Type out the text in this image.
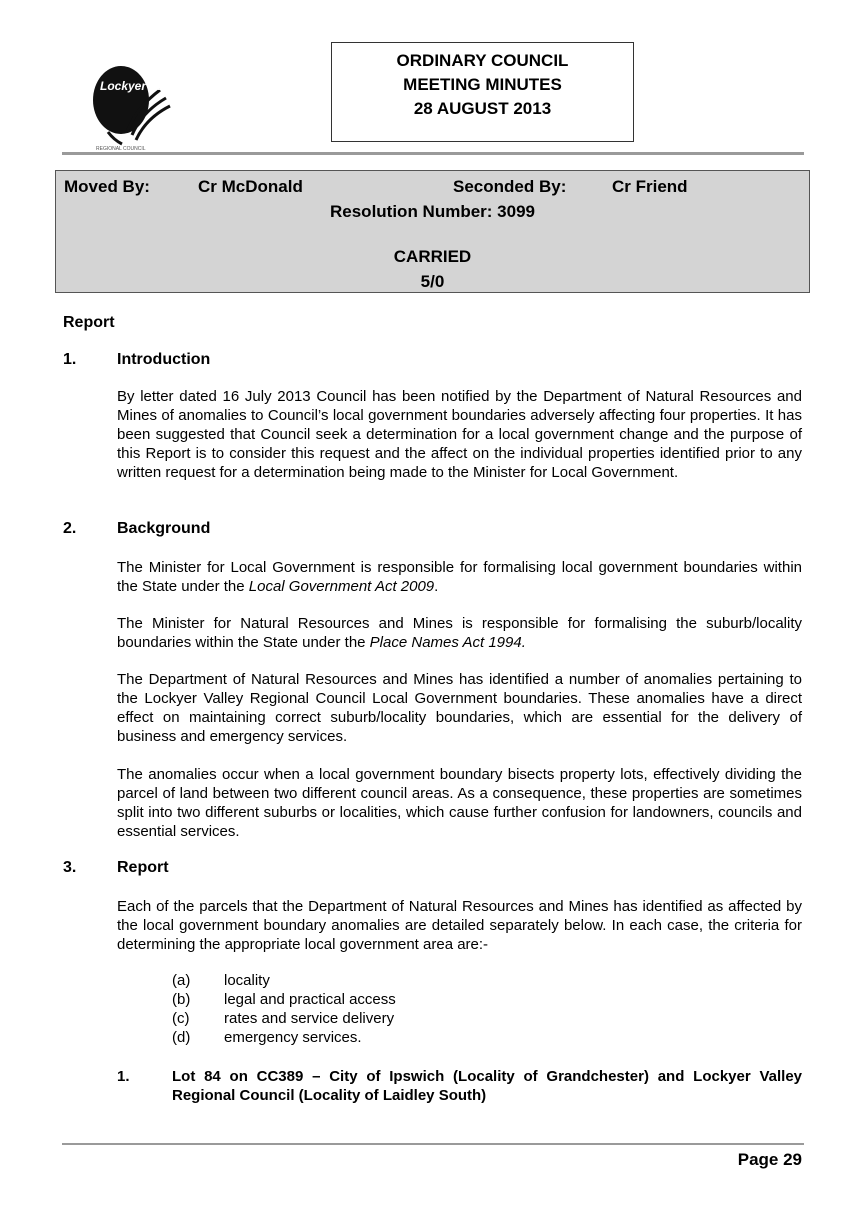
Lockyer Valley
REGIONAL COUNCIL
ORDINARY COUNCIL
MEETING MINUTES
28 AUGUST 2013
Moved By:	Cr McDonald	Seconded By:	Cr Friend
Resolution Number: 3099
CARRIED
5/0
Report
1.	Introduction
By letter dated 16 July 2013 Council has been notified by the Department of Natural Resources and Mines of anomalies to Council’s local government boundaries adversely affecting four properties. It has been suggested that Council seek a determination for a local government change and the purpose of this Report is to consider this request and the affect on the individual properties identified prior to any written request for a determination being made to the Minister for Local Government.
2.	Background
The Minister for Local Government is responsible for formalising local government boundaries within the State under the Local Government Act 2009.
The Minister for Natural Resources and Mines is responsible for formalising the suburb/locality boundaries within the State under the Place Names Act 1994.
The Department of Natural Resources and Mines has identified a number of anomalies pertaining to the Lockyer Valley Regional Council Local Government boundaries. These anomalies have a direct effect on maintaining correct suburb/locality boundaries, which are essential for the delivery of business and emergency services.
The anomalies occur when a local government boundary bisects property lots, effectively dividing the parcel of land between two different council areas. As a consequence, these properties are sometimes split into two different suburbs or localities, which cause further confusion for landowners, councils and essential services.
3.	Report
Each of the parcels that the Department of Natural Resources and Mines has identified as affected by the local government boundary anomalies are detailed separately below. In each case, the criteria for determining the appropriate local government area are:-
(a) locality
(b) legal and practical access
(c) rates and service delivery
(d) emergency services.
1.	Lot 84 on CC389 – City of Ipswich (Locality of Grandchester) and Lockyer Valley Regional Council (Locality of Laidley South)
Page 29
